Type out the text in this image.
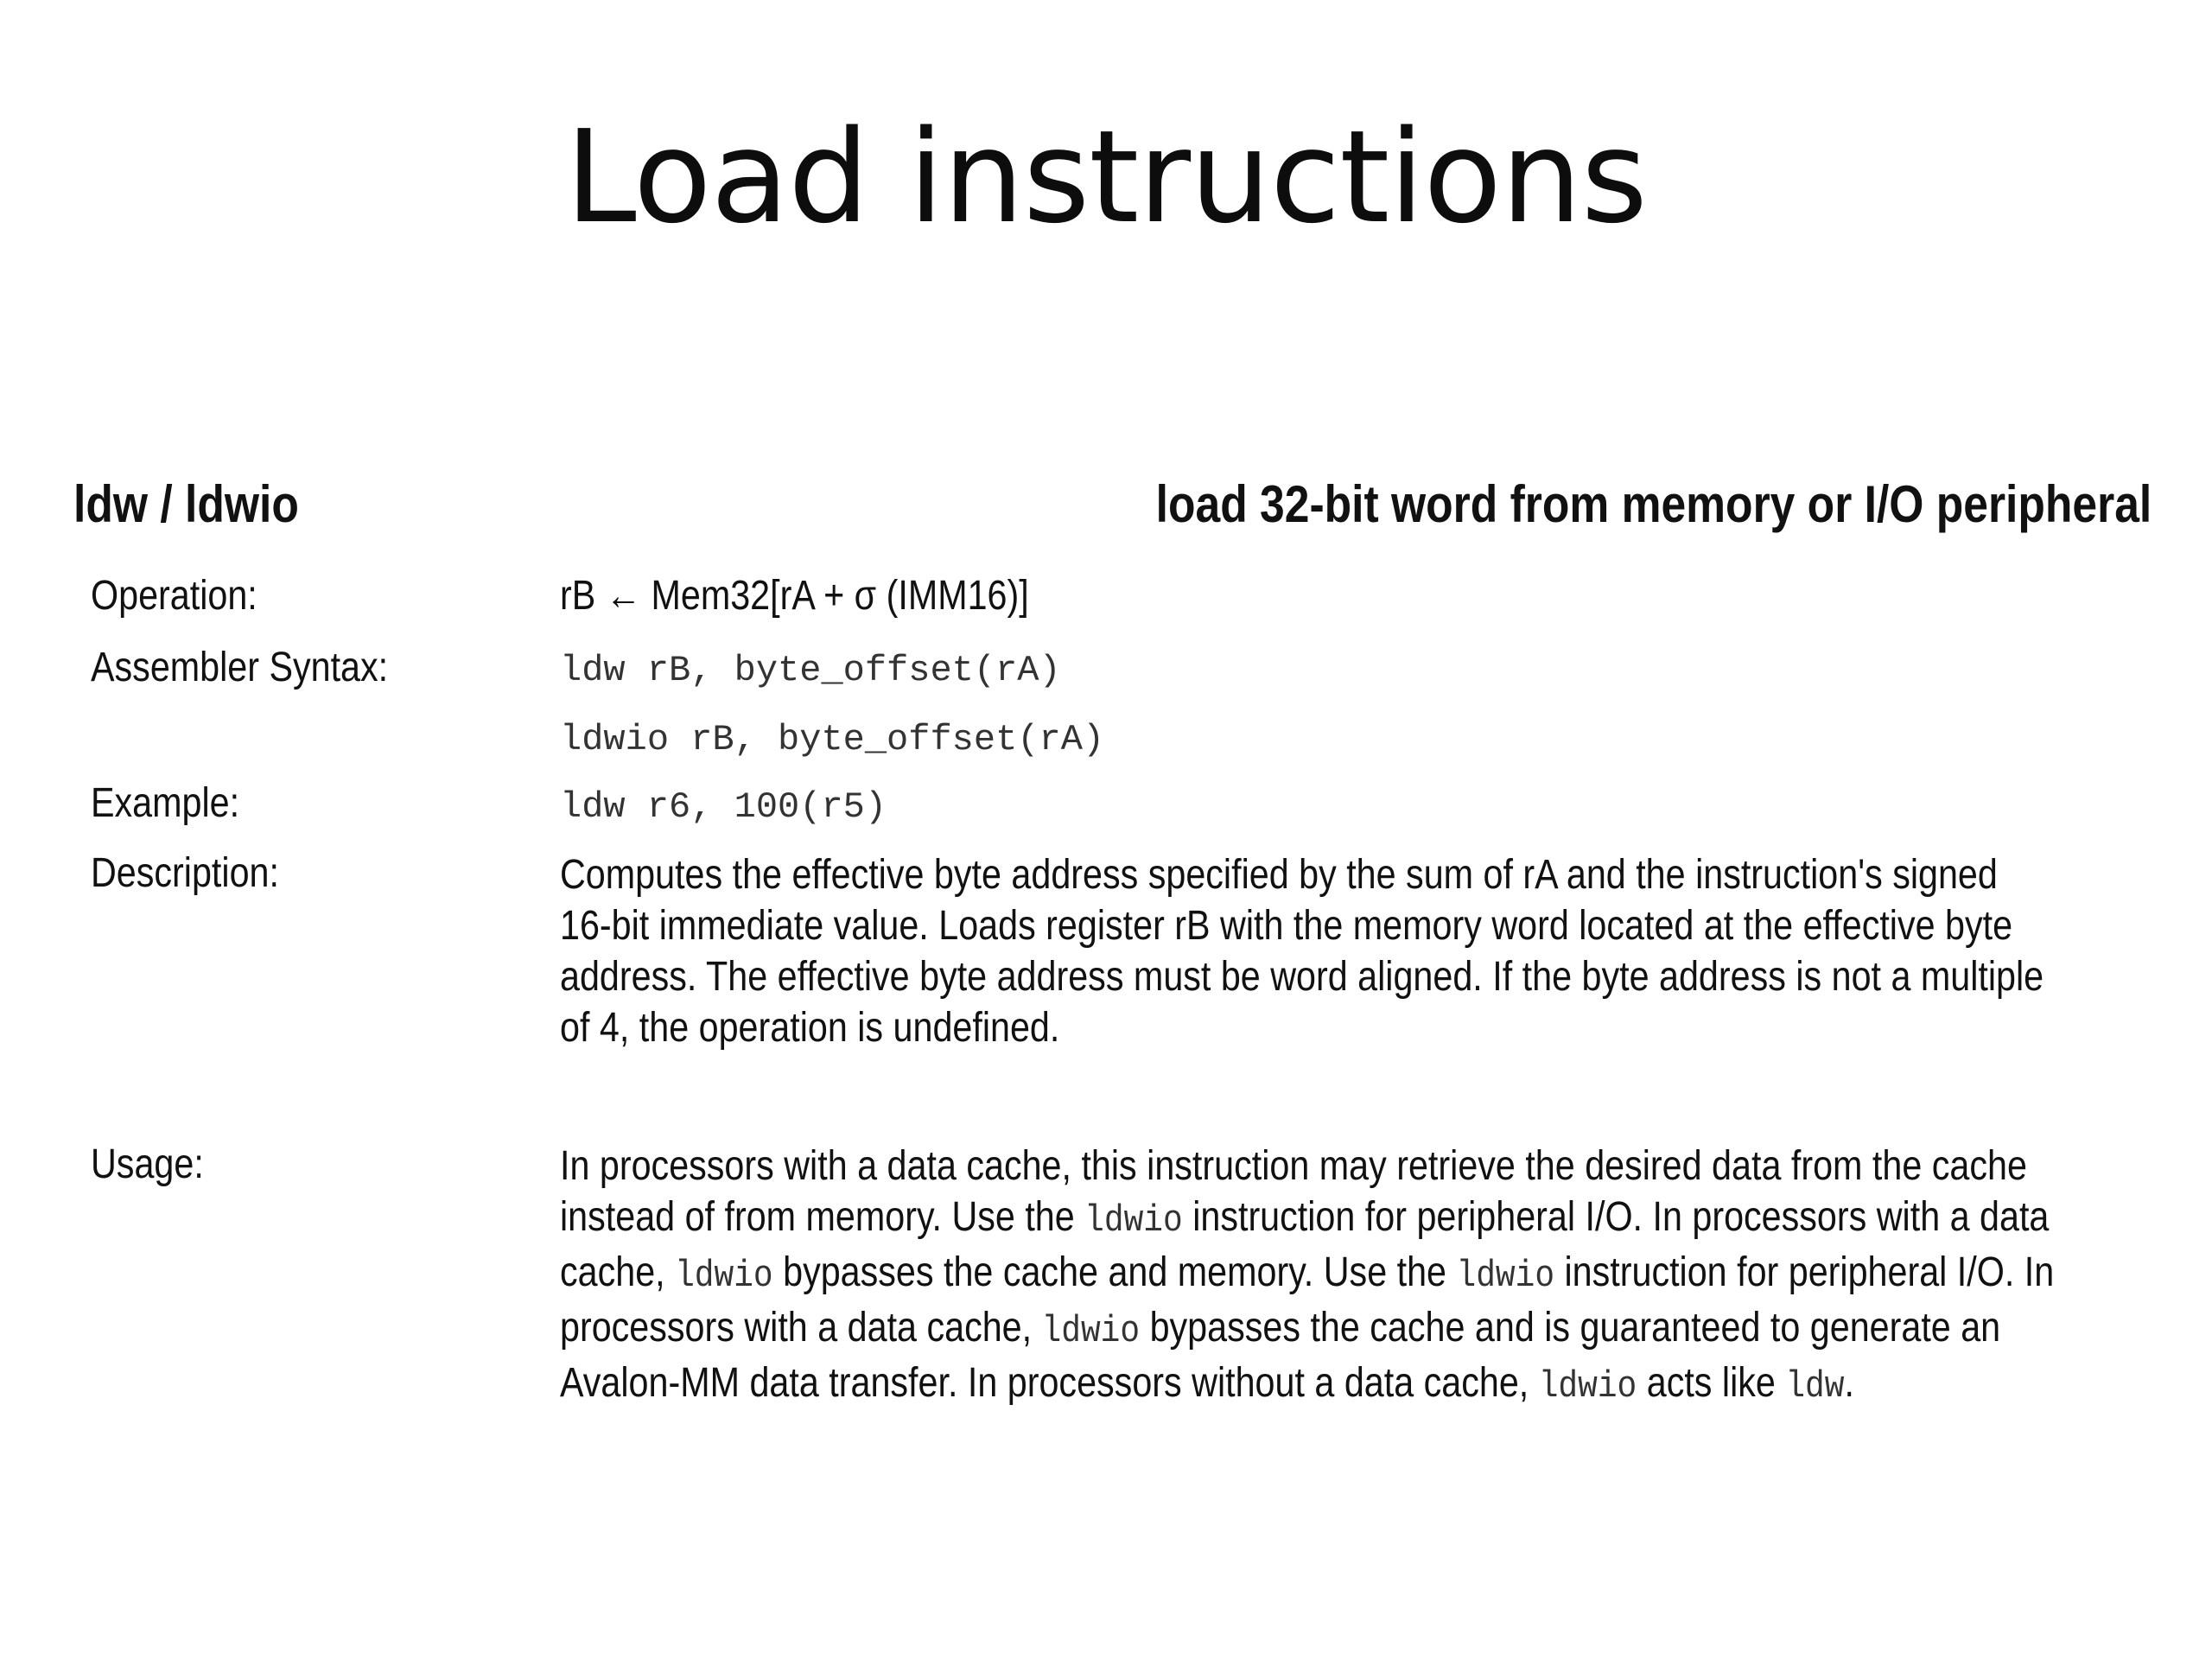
Load instructions
ldw / ldwio	load 32-bit word from memory or I/O peripheral
Operation:	rB ← Mem32[rA + σ (IMM16)]
Assembler Syntax:	ldw rB, byte_offset(rA)
ldwio rB, byte_offset(rA)
Example:	ldw r6, 100(r5)
Description:	Computes the effective byte address specified by the sum of rA and the instruction's signed
16-bit immediate value. Loads register rB with the memory word located at the effective byte
address. The effective byte address must be word aligned. If the byte address is not a multiple
of 4, the operation is undefined.
Usage:	In processors with a data cache, this instruction may retrieve the desired data from the cache
instead of from memory. Use the ldwio instruction for peripheral I/O. In processors with a data
cache, ldwio bypasses the cache and memory. Use the ldwio instruction for peripheral I/O. In
processors with a data cache, ldwio bypasses the cache and is guaranteed to generate an
Avalon-MM data transfer. In processors without a data cache, ldwio acts like ldw.
